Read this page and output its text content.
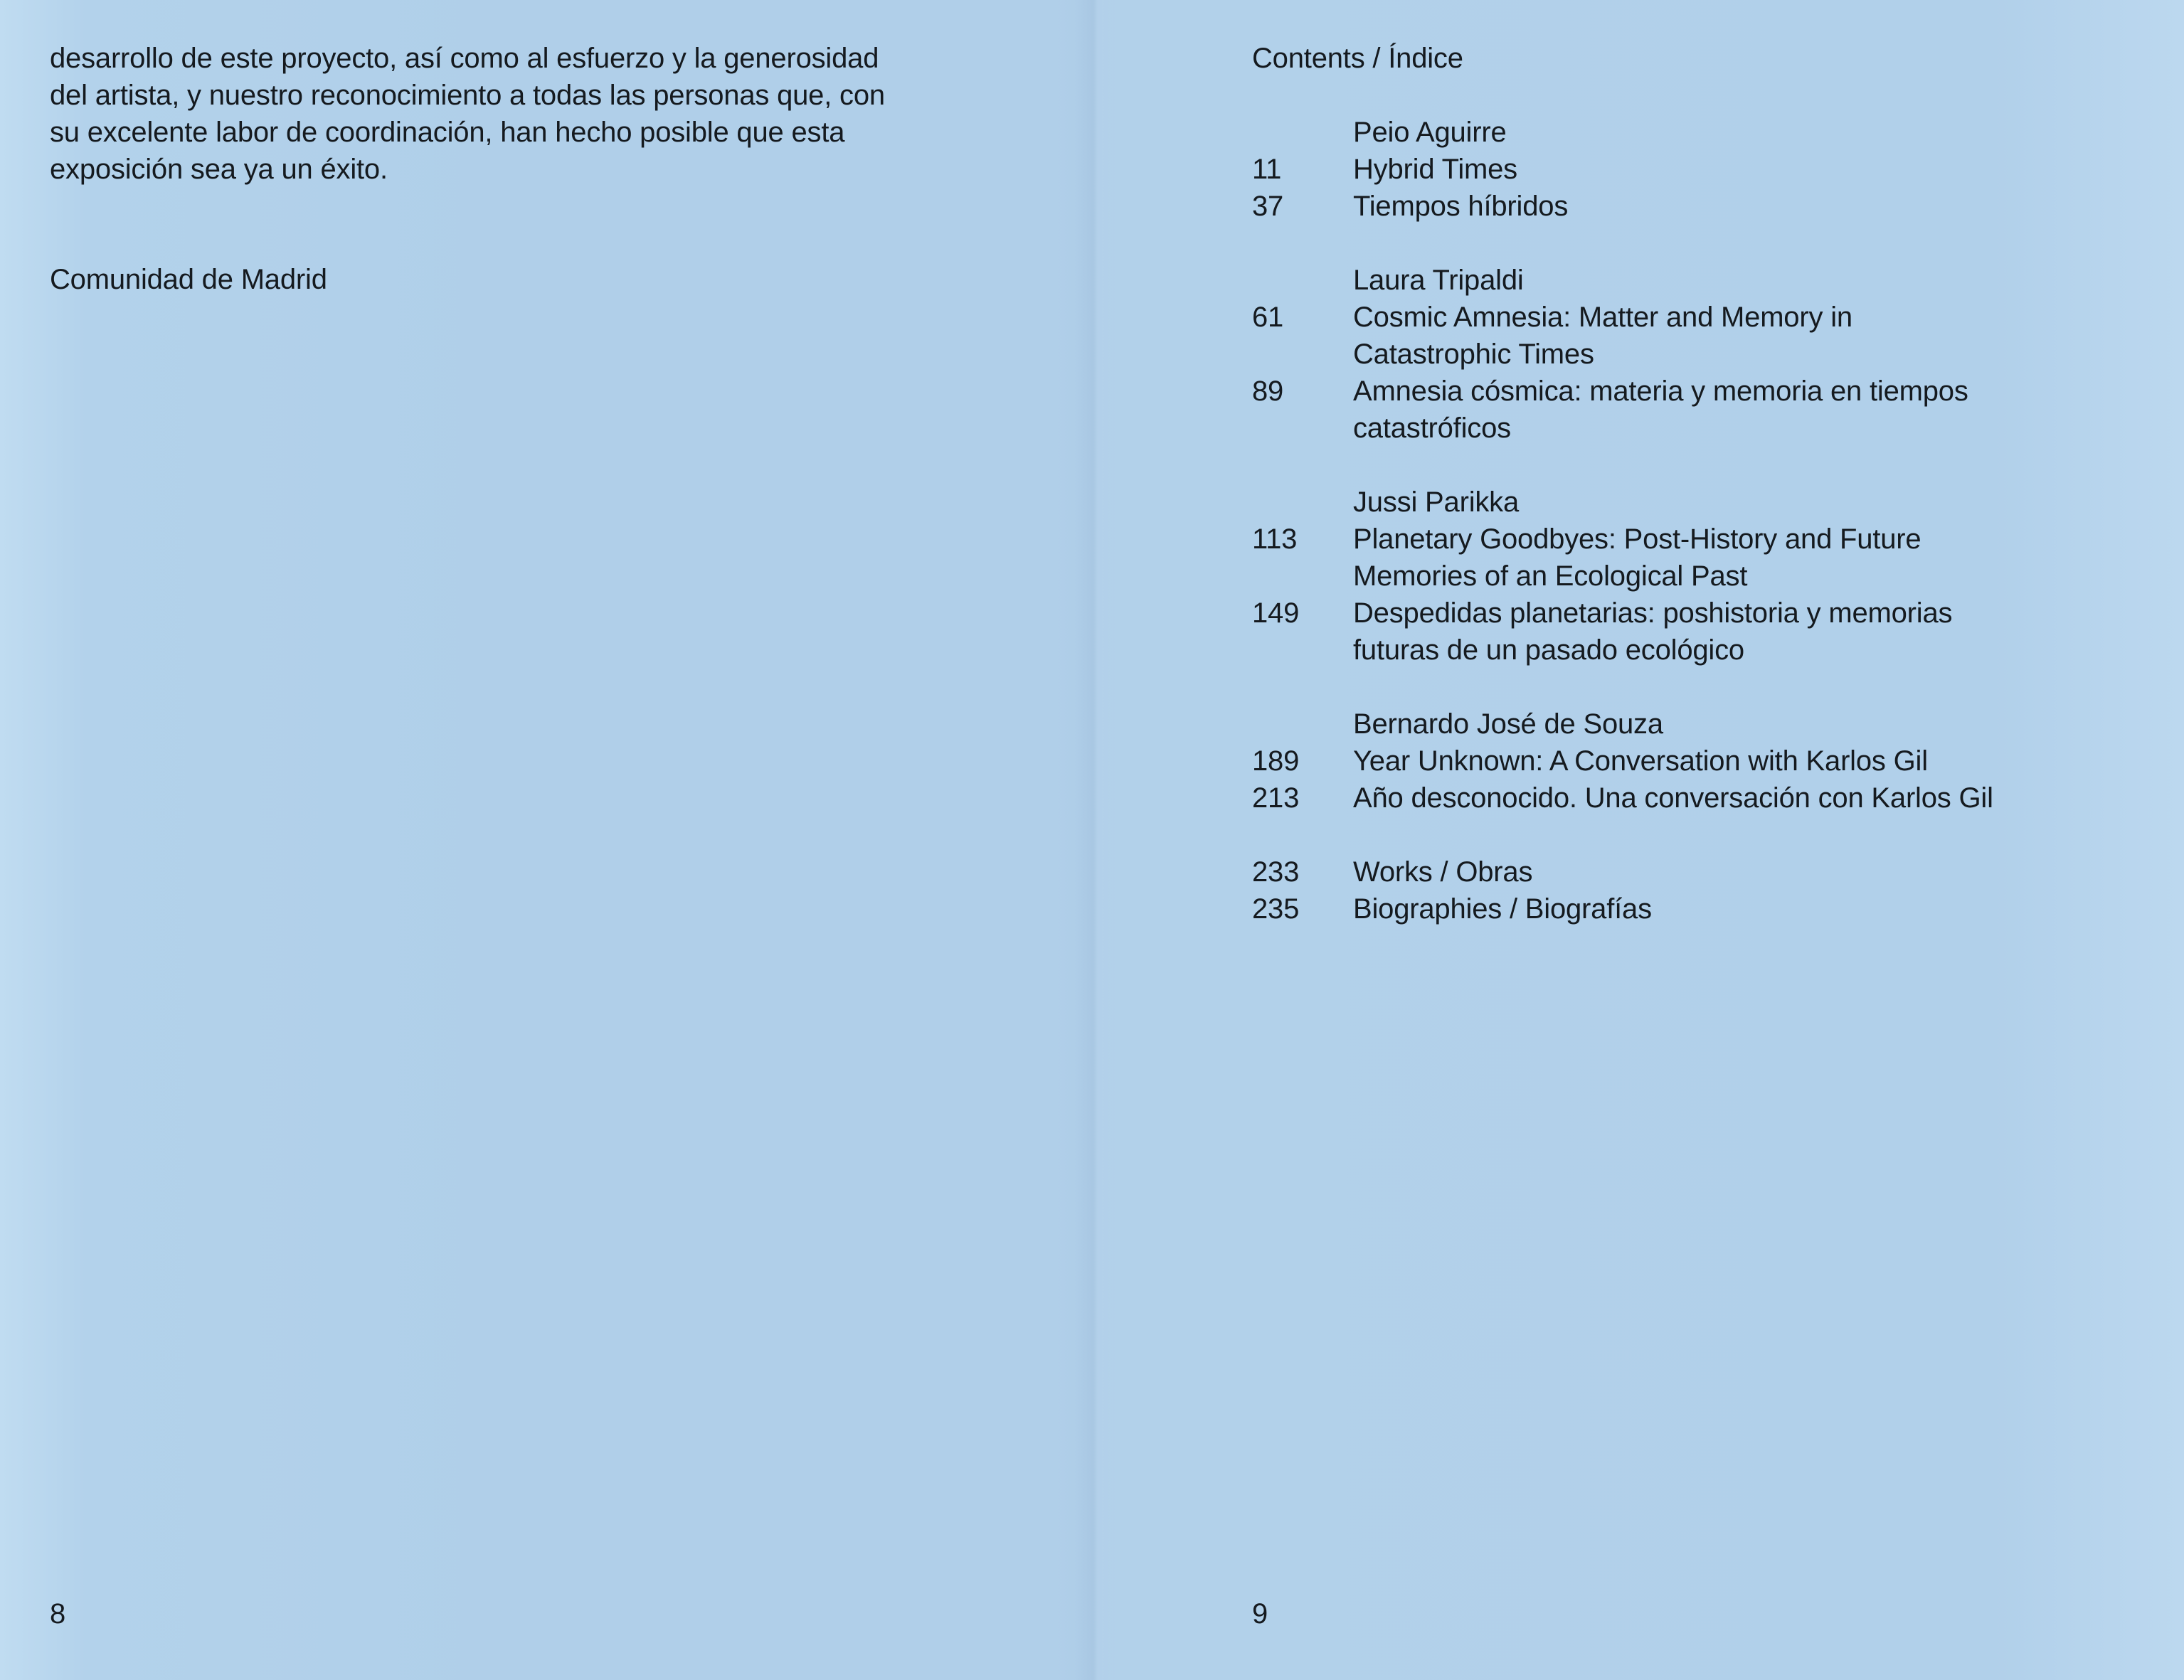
desarrollo de este proyecto, así como al esfuerzo y la generosidad
del artista, y nuestro reconocimiento a todas las personas que, con
su excelente labor de coordinación, han hecho posible que esta
exposición sea ya un éxito.

Comunidad de Madrid

8

Contents / Índice
Peio Aguirre
11	Hybrid Times
37	Tiempos híbridos
Laura Tripaldi
61	Cosmic Amnesia: Matter and Memory in
Catastrophic Times
89	Amnesia cósmica: materia y memoria en tiempos
catastróficos
Jussi Parikka
113	Planetary Goodbyes: Post-History and Future
Memories of an Ecological Past
149	Despedidas planetarias: poshistoria y memorias
futuras de un pasado ecológico
Bernardo José de Souza
189	Year Unknown: A Conversation with Karlos Gil
213	Año desconocido. Una conversación con Karlos Gil
233	Works / Obras
235	Biographies / Biografías

9
